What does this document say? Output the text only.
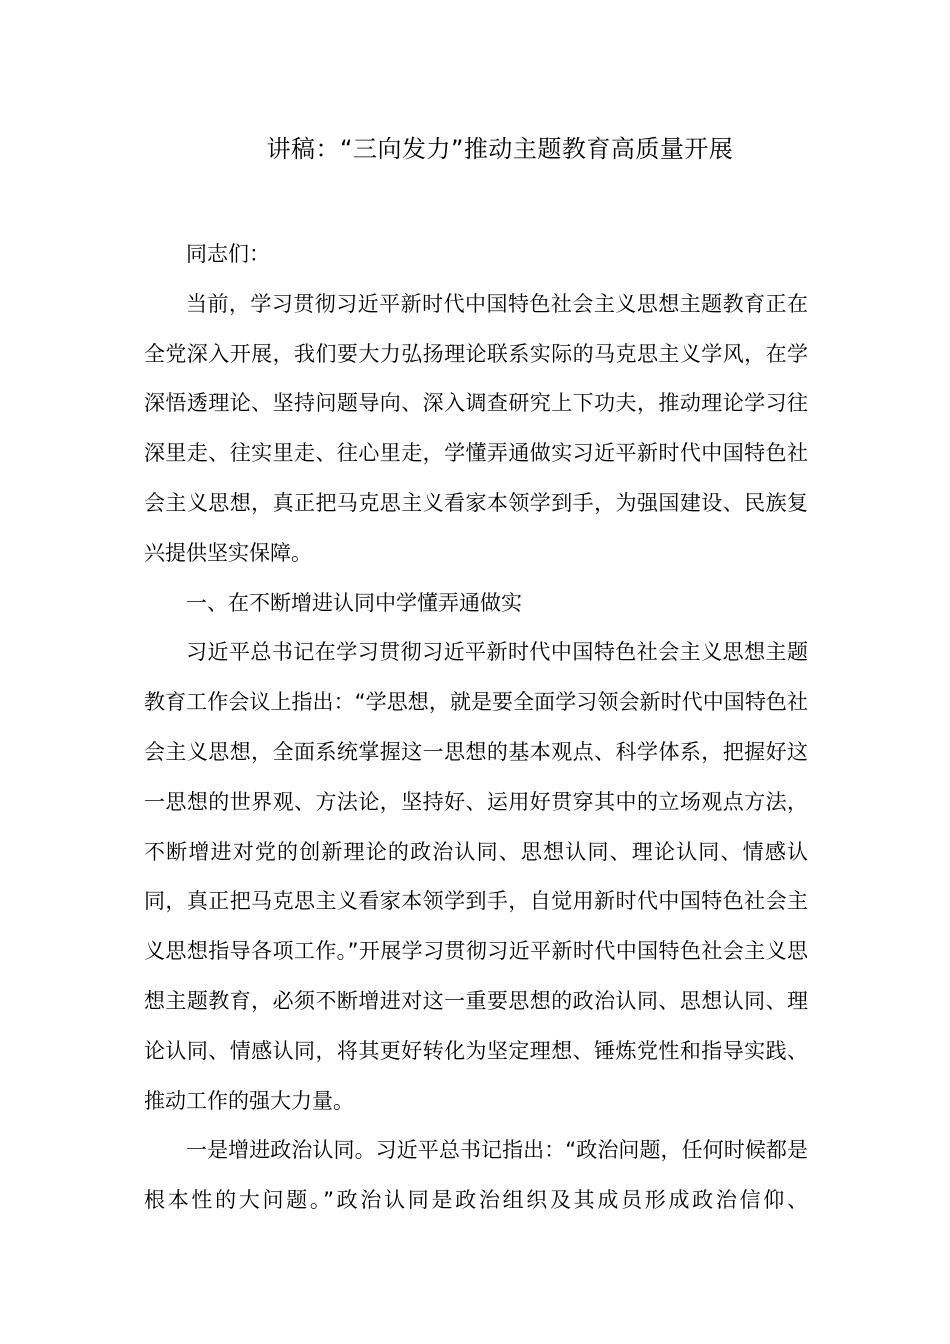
讲稿：“三向发力”推动主题教育高质量开展

同志们：

当前，学习贯彻习近平新时代中国特色社会主义思想主题教育正在全党深入开展，我们要大力弘扬理论联系实际的马克思主义学风，在学深悟透理论、坚持问题导向、深入调查研究上下功夫，推动理论学习往深里走、往实里走、往心里走，学懂弄通做实习近平新时代中国特色社会主义思想，真正把马克思主义看家本领学到手，为强国建设、民族复兴提供坚实保障。

一、在不断增进认同中学懂弄通做实

习近平总书记在学习贯彻习近平新时代中国特色社会主义思想主题教育工作会议上指出：“学思想，就是要全面学习领会新时代中国特色社会主义思想，全面系统掌握这一思想的基本观点、科学体系，把握好这一思想的世界观、方法论，坚持好、运用好贯穿其中的立场观点方法，不断增进对党的创新理论的政治认同、思想认同、理论认同、情感认同，真正把马克思主义看家本领学到手，自觉用新时代中国特色社会主义思想指导各项工作。”开展学习贯彻习近平新时代中国特色社会主义思想主题教育，必须不断增进对这一重要思想的政治认同、思想认同、理论认同、情感认同，将其更好转化为坚定理想、锤炼党性和指导实践、推动工作的强大力量。

一是增进政治认同。习近平总书记指出：“政治问题，任何时候都是根本性的大问题。”政治认同是政治组织及其成员形成政治信仰、
